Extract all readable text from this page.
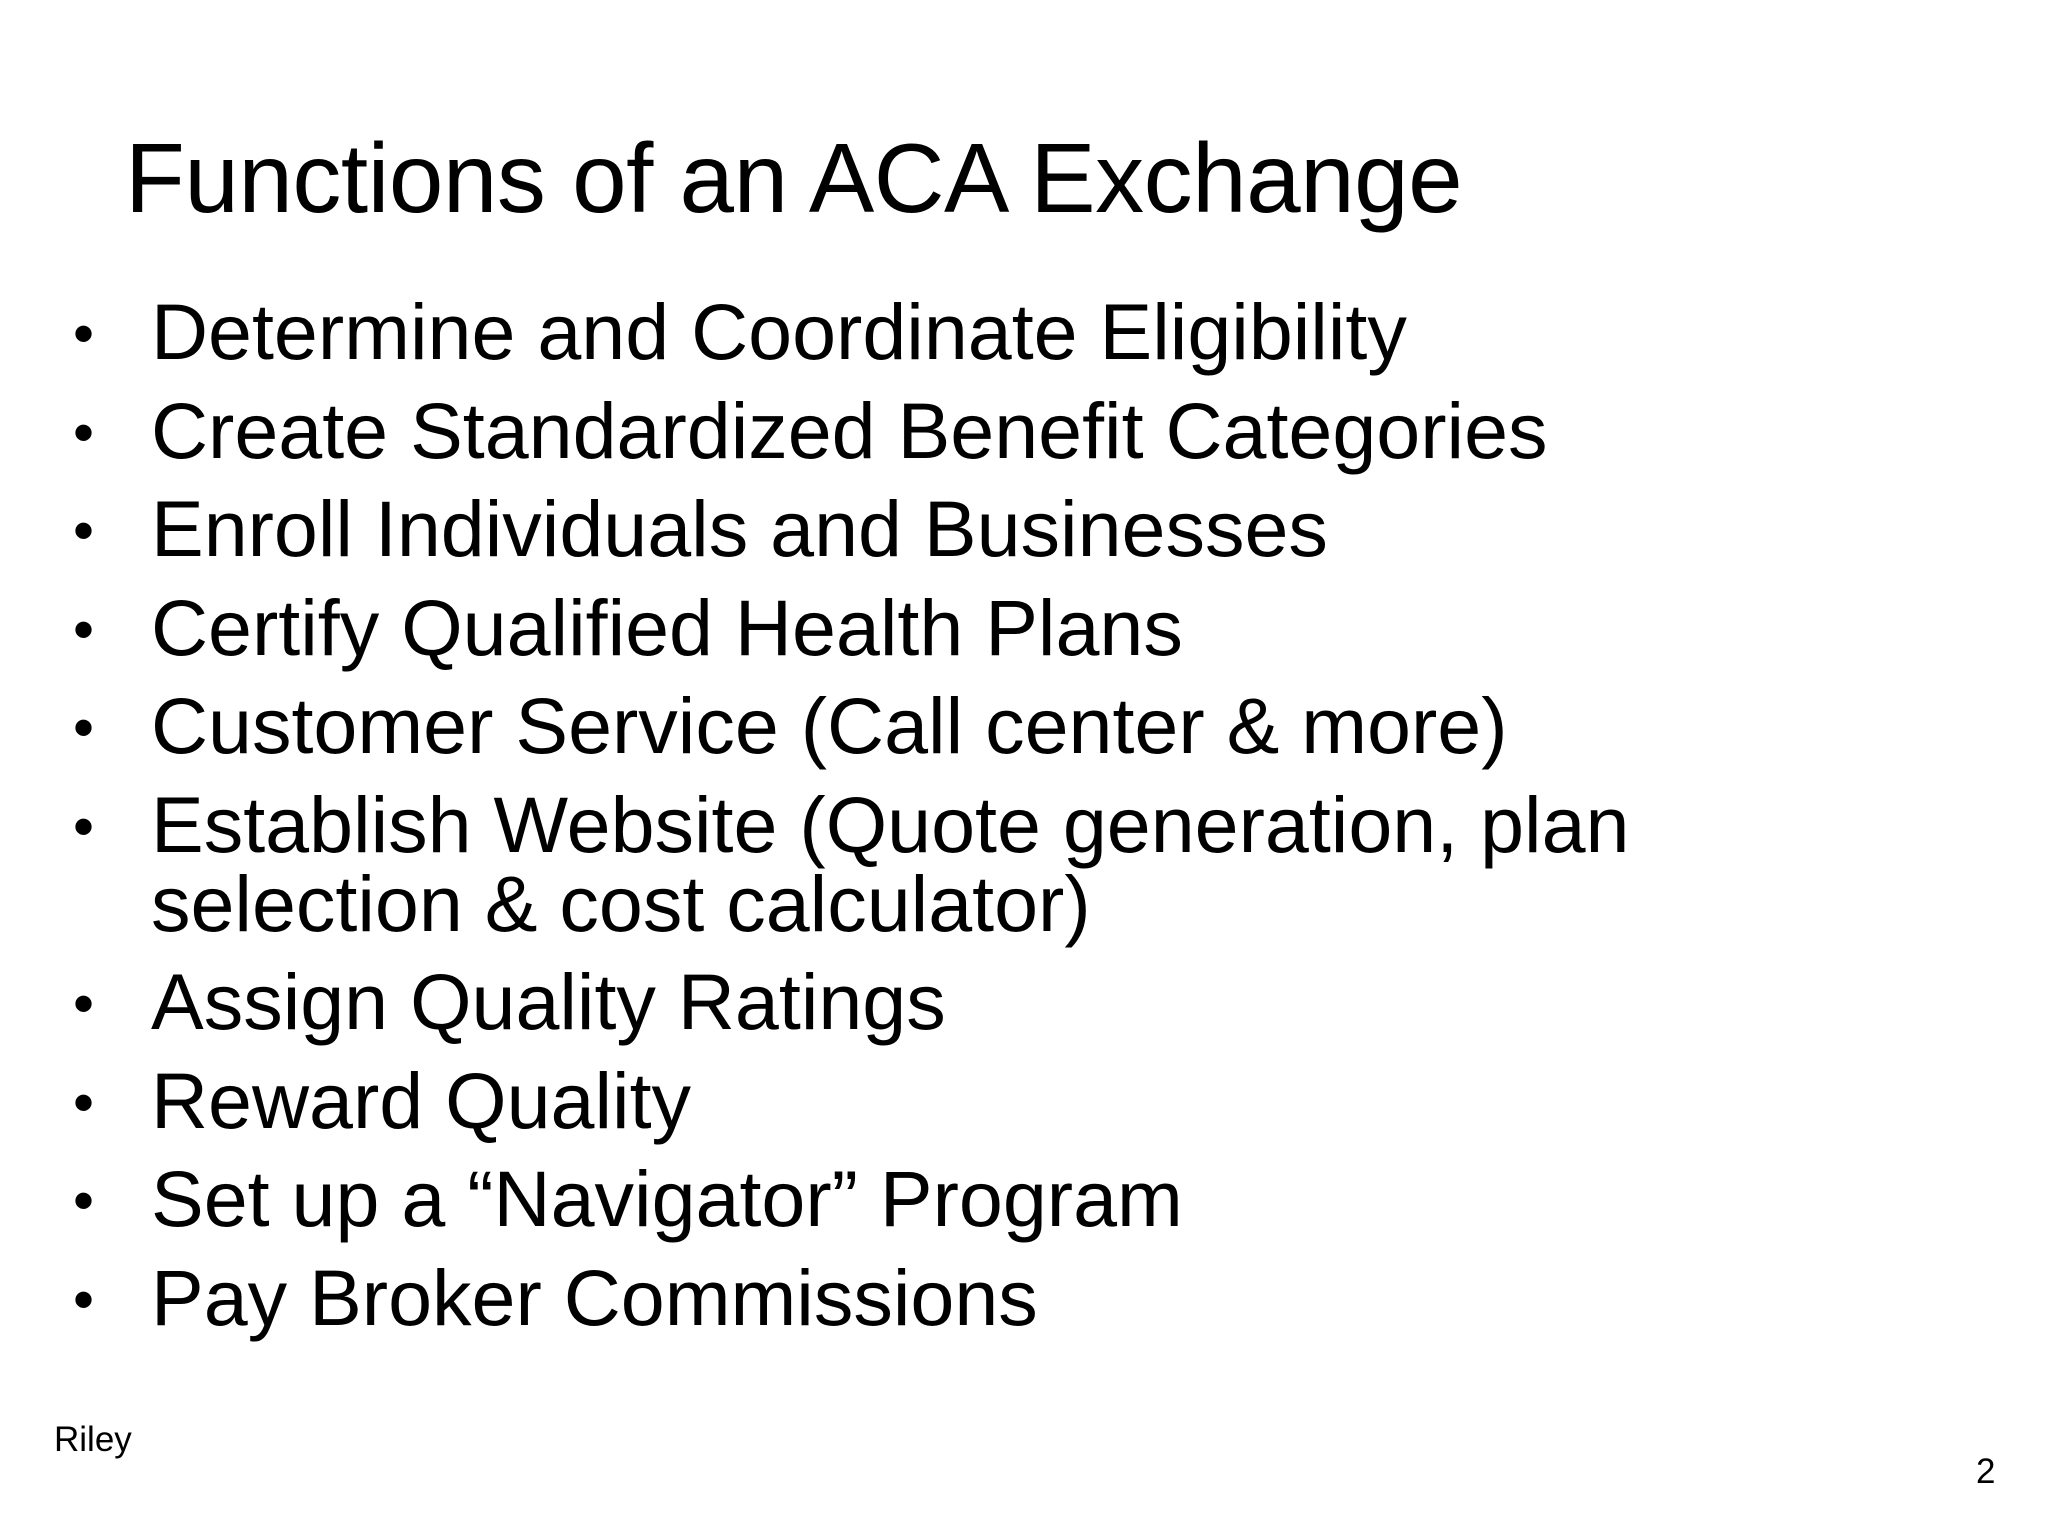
Functions of an ACA Exchange
• Determine and Coordinate Eligibility
• Create Standardized Benefit Categories
• Enroll Individuals and Businesses
• Certify Qualified Health Plans
• Customer Service (Call center & more)
• Establish Website (Quote generation, plan
selection & cost calculator)
• Assign Quality Ratings
• Reward Quality
• Set up a “Navigator” Program
• Pay Broker Commissions
Riley
2
